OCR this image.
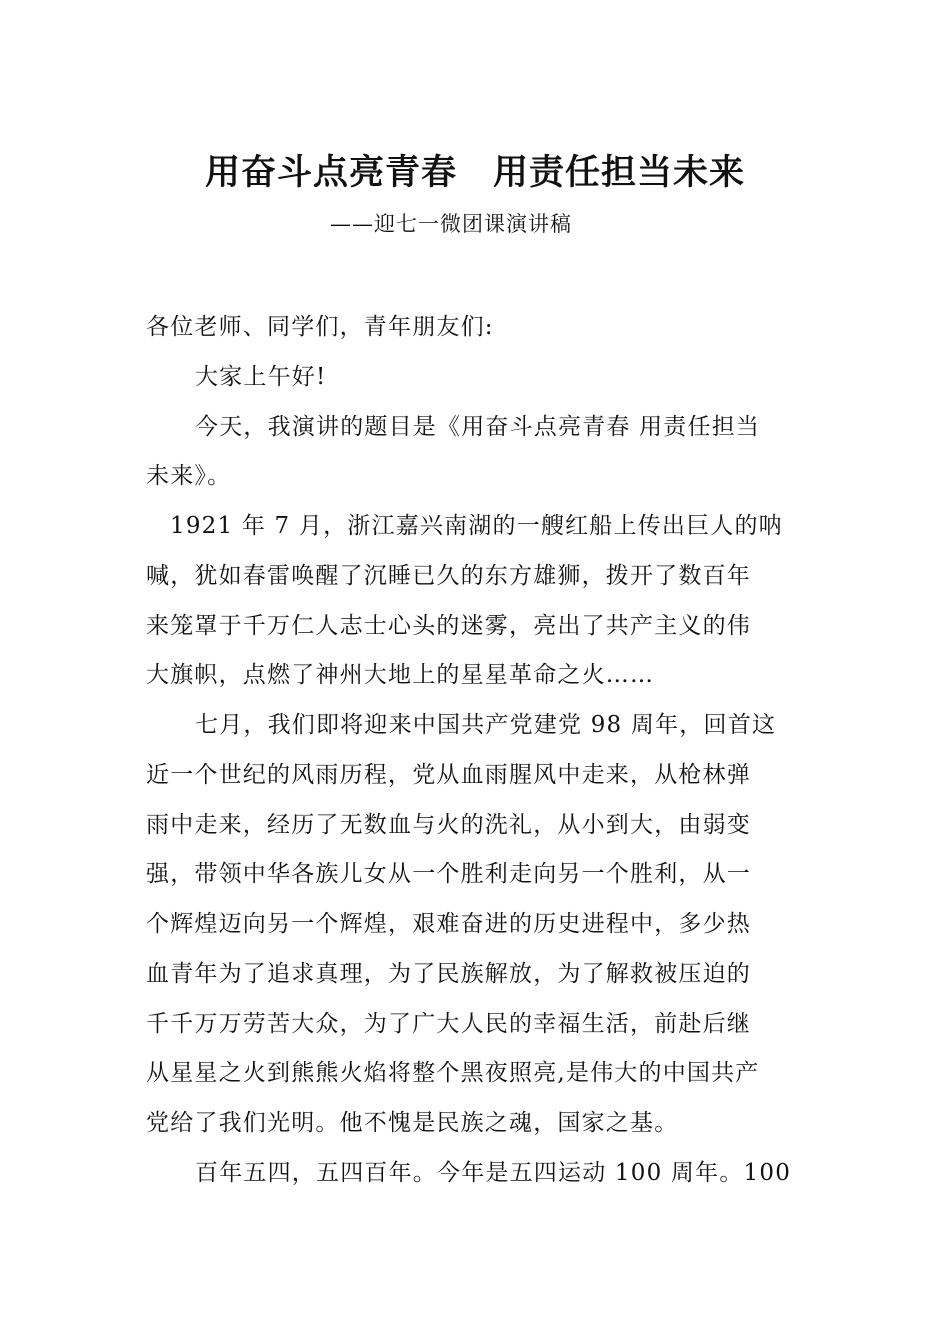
用奋斗点亮青春　用责任担当未来
——迎七一微团课演讲稿
各位老师、同学们，青年朋友们:
大家上午好!
今天，我演讲的题目是《用奋斗点亮青春 用责任担当
未来》。
1921 年 7 月，浙江嘉兴南湖的一艘红船上传出巨人的呐
喊，犹如春雷唤醒了沉睡已久的东方雄狮，拨开了数百年
来笼罩于千万仁人志士心头的迷雾，亮出了共产主义的伟
大旗帜，点燃了神州大地上的星星革命之火……
七月，我们即将迎来中国共产党建党 98 周年，回首这
近一个世纪的风雨历程，党从血雨腥风中走来，从枪林弹
雨中走来，经历了无数血与火的洗礼，从小到大，由弱变
强，带领中华各族儿女从一个胜利走向另一个胜利，从一
个辉煌迈向另一个辉煌，艰难奋进的历史进程中，多少热
血青年为了追求真理，为了民族解放，为了解救被压迫的
千千万万劳苦大众，为了广大人民的幸福生活，前赴后继
从星星之火到熊熊火焰将整个黑夜照亮,是伟大的中国共产
党给了我们光明。他不愧是民族之魂，国家之基。
百年五四，五四百年。今年是五四运动 100 周年。100
